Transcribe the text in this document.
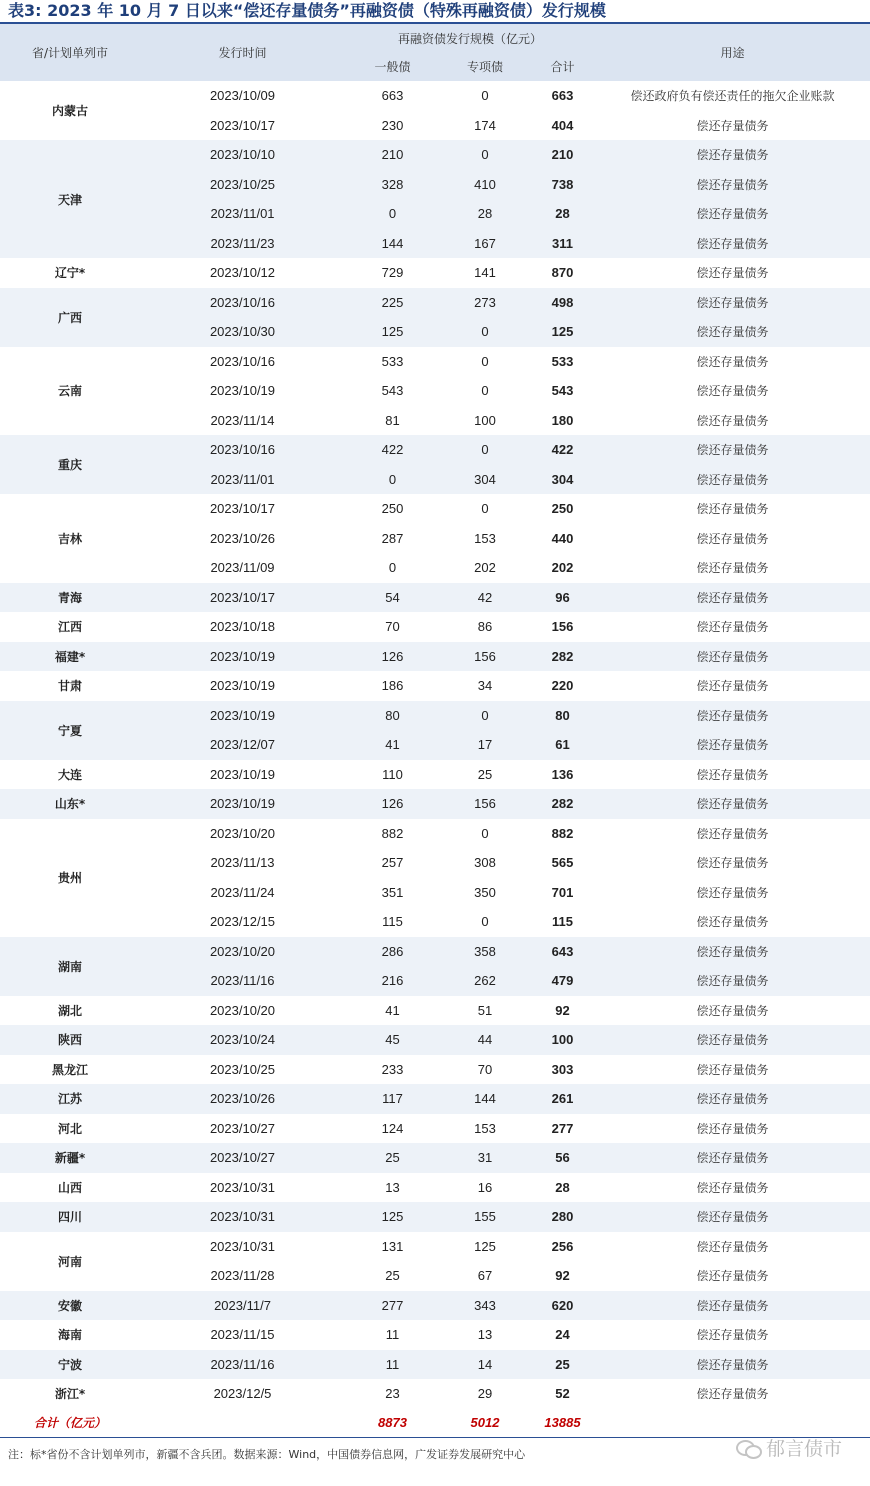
表3: 2023 年 10 月 7 日以来“偿还存量债务”再融资债（特殊再融资债）发行规模
省/计划单列市	发行时间	再融资债发行规模（亿元）			用途
		一般债	专项债	合计	
内蒙古	2023/10/09	663	0	663	偿还政府负有偿还责任的拖欠企业账款
	2023/10/17	230	174	404	偿还存量债务
天津	2023/10/10	210	0	210	偿还存量债务
	2023/10/25	328	410	738	偿还存量债务
	2023/11/01	0	28	28	偿还存量债务
	2023/11/23	144	167	311	偿还存量债务
辽宁*	2023/10/12	729	141	870	偿还存量债务
广西	2023/10/16	225	273	498	偿还存量债务
	2023/10/30	125	0	125	偿还存量债务
云南	2023/10/16	533	0	533	偿还存量债务
	2023/10/19	543	0	543	偿还存量债务
	2023/11/14	81	100	180	偿还存量债务
重庆	2023/10/16	422	0	422	偿还存量债务
	2023/11/01	0	304	304	偿还存量债务
吉林	2023/10/17	250	0	250	偿还存量债务
	2023/10/26	287	153	440	偿还存量债务
	2023/11/09	0	202	202	偿还存量债务
青海	2023/10/17	54	42	96	偿还存量债务
江西	2023/10/18	70	86	156	偿还存量债务
福建*	2023/10/19	126	156	282	偿还存量债务
甘肃	2023/10/19	186	34	220	偿还存量债务
宁夏	2023/10/19	80	0	80	偿还存量债务
	2023/12/07	41	17	61	偿还存量债务
大连	2023/10/19	110	25	136	偿还存量债务
山东*	2023/10/19	126	156	282	偿还存量债务
贵州	2023/10/20	882	0	882	偿还存量债务
	2023/11/13	257	308	565	偿还存量债务
	2023/11/24	351	350	701	偿还存量债务
	2023/12/15	115	0	115	偿还存量债务
湖南	2023/10/20	286	358	643	偿还存量债务
	2023/11/16	216	262	479	偿还存量债务
湖北	2023/10/20	41	51	92	偿还存量债务
陕西	2023/10/24	45	44	100	偿还存量债务
黑龙江	2023/10/25	233	70	303	偿还存量债务
江苏	2023/10/26	117	144	261	偿还存量债务
河北	2023/10/27	124	153	277	偿还存量债务
新疆*	2023/10/27	25	31	56	偿还存量债务
山西	2023/10/31	13	16	28	偿还存量债务
四川	2023/10/31	125	155	280	偿还存量债务
河南	2023/10/31	131	125	256	偿还存量债务
	2023/11/28	25	67	92	偿还存量债务
安徽	2023/11/7	277	343	620	偿还存量债务
海南	2023/11/15	11	13	24	偿还存量债务
宁波	2023/11/16	11	14	25	偿还存量债务
浙江*	2023/12/5	23	29	52	偿还存量债务
合计（亿元）		8873	5012	13885	
注：标*省份不含计划单列市，新疆不含兵团。数据来源：Wind，中国债券信息网，广发证券发展研究中心	郁言债市
